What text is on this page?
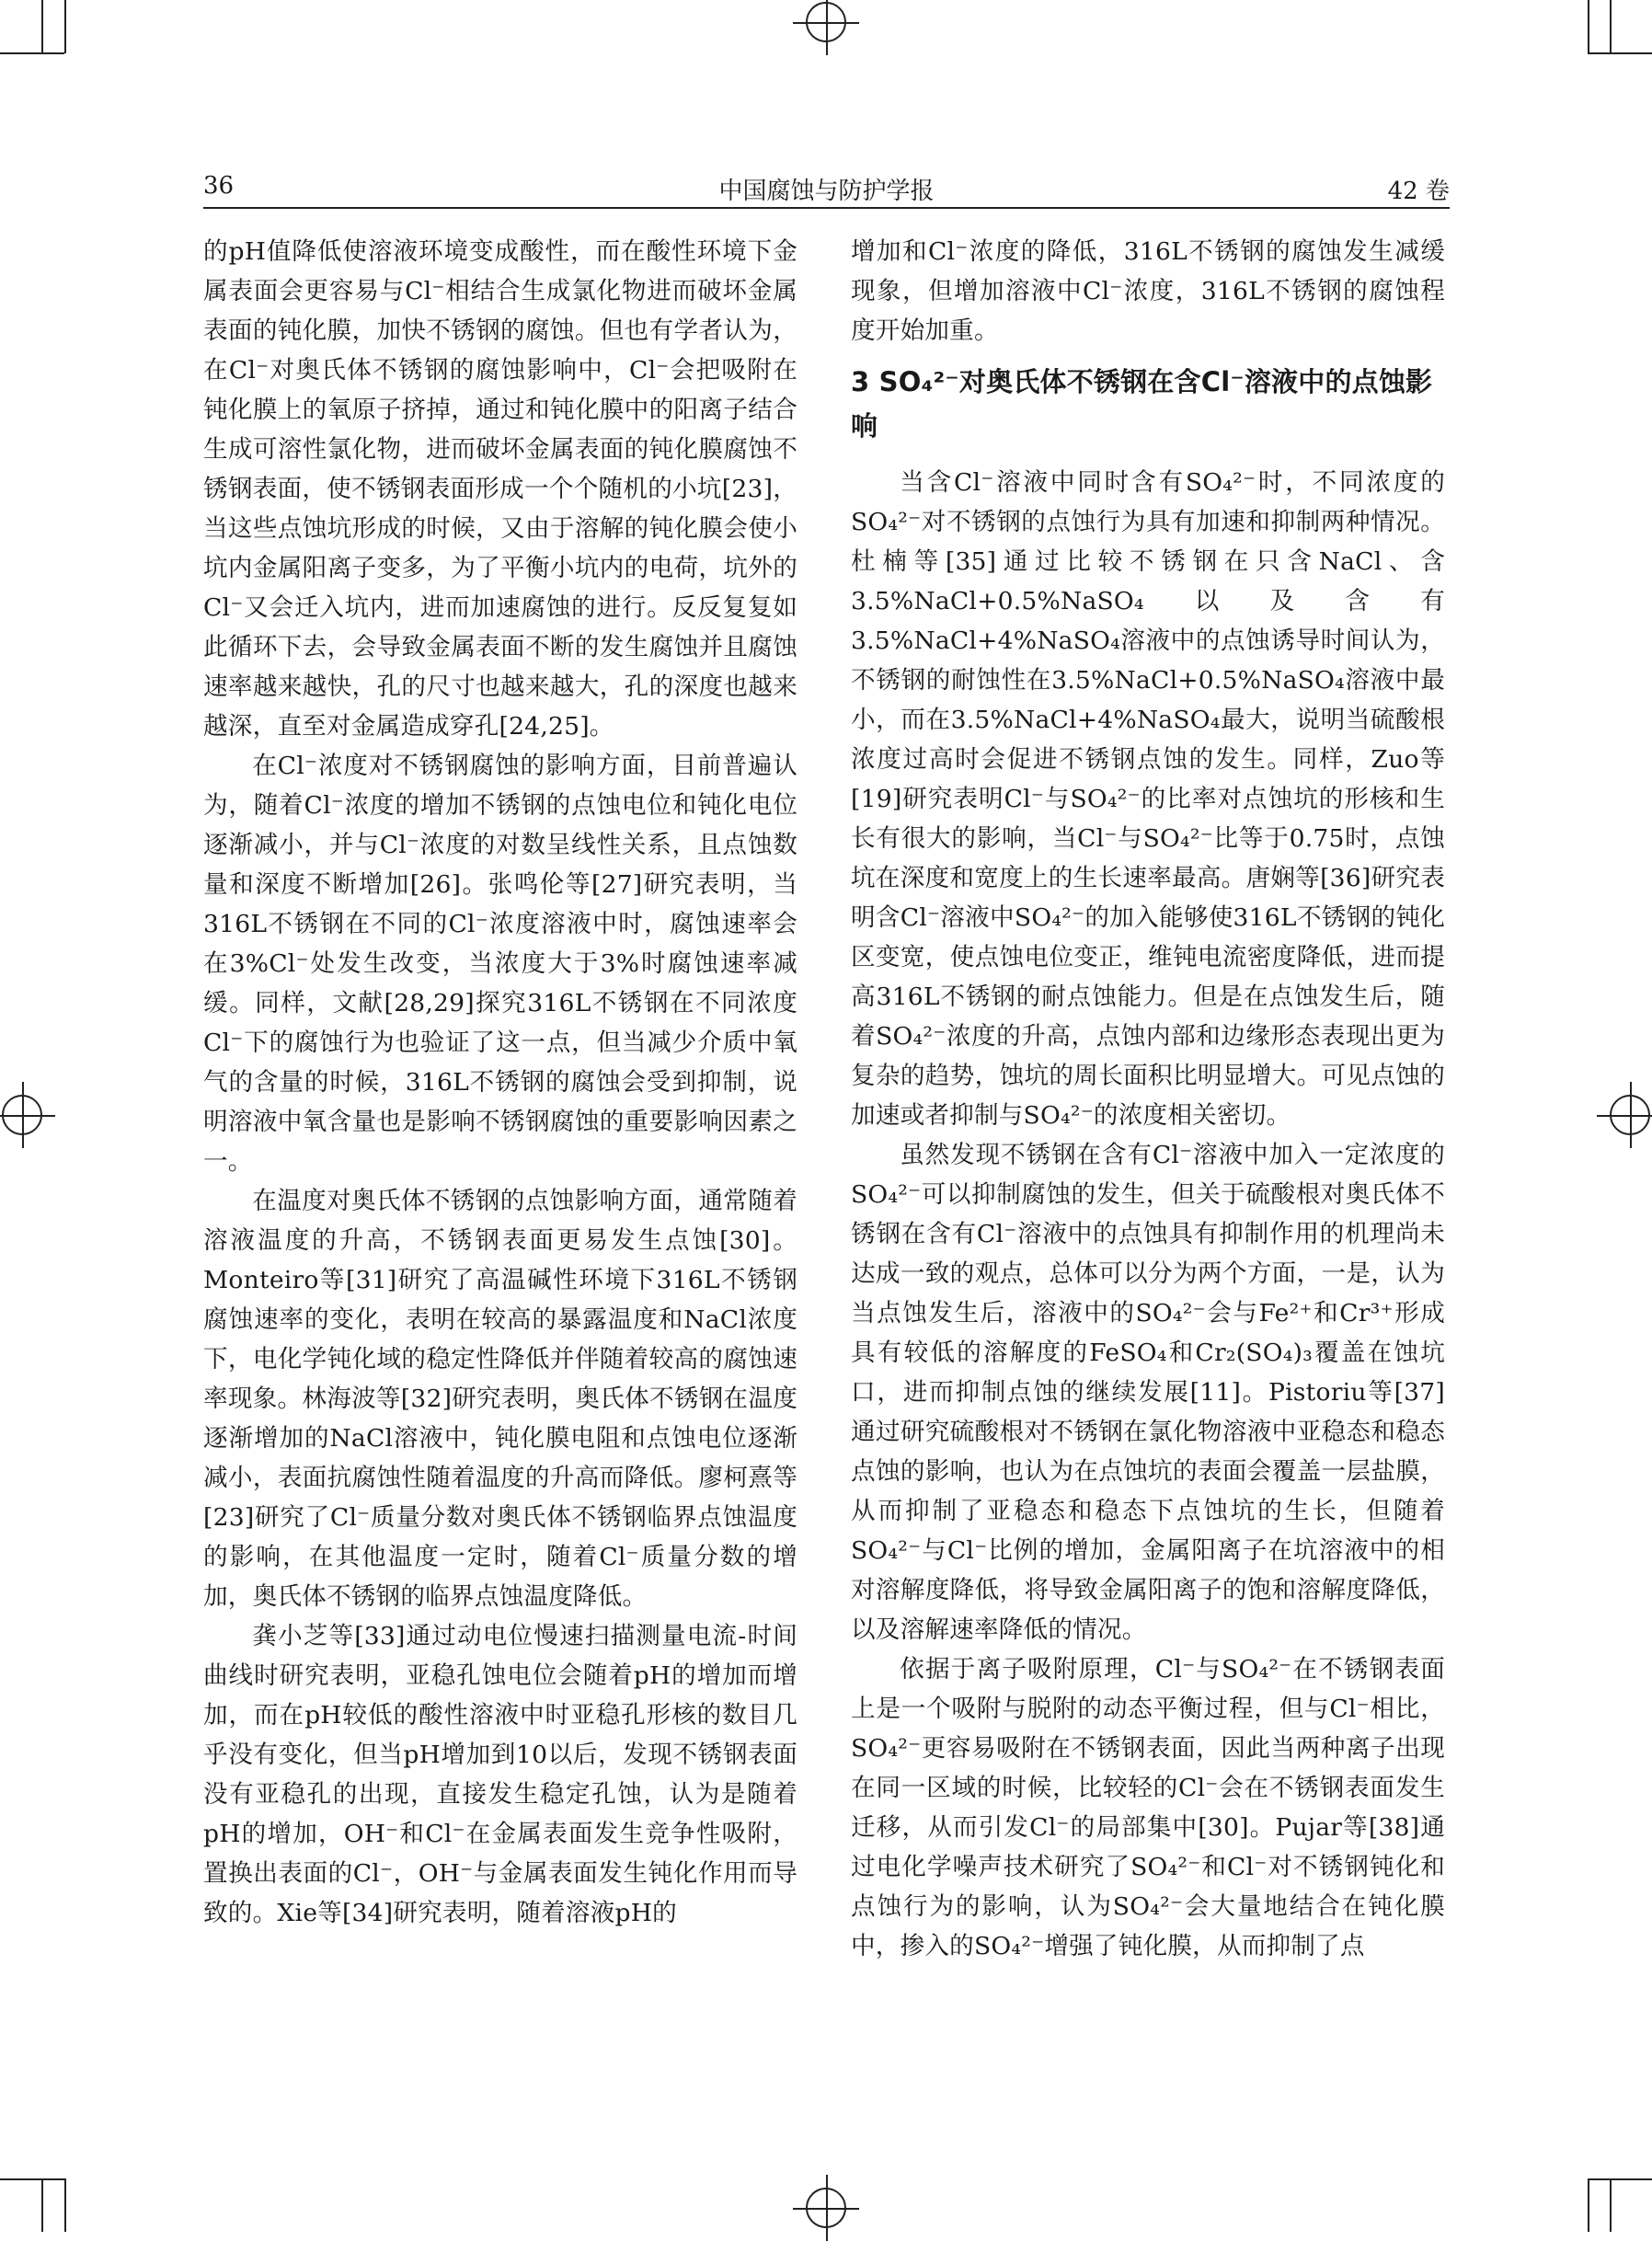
36	中国腐蚀与防护学报	42 卷

的pH值降低使溶液环境变成酸性，而在酸性环境下金属表面会更容易与Cl⁻相结合生成氯化物进而破坏金属表面的钝化膜，加快不锈钢的腐蚀。但也有学者认为，在Cl⁻对奥氏体不锈钢的腐蚀影响中，Cl⁻会把吸附在钝化膜上的氧原子挤掉，通过和钝化膜中的阳离子结合生成可溶性氯化物，进而破坏金属表面的钝化膜腐蚀不锈钢表面，使不锈钢表面形成一个个随机的小坑[23]，当这些点蚀坑形成的时候，又由于溶解的钝化膜会使小坑内金属阳离子变多，为了平衡小坑内的电荷，坑外的Cl⁻又会迁入坑内，进而加速腐蚀的进行。反反复复如此循环下去，会导致金属表面不断的发生腐蚀并且腐蚀速率越来越快，孔的尺寸也越来越大，孔的深度也越来越深，直至对金属造成穿孔[24,25]。

在Cl⁻浓度对不锈钢腐蚀的影响方面，目前普遍认为，随着Cl⁻浓度的增加不锈钢的点蚀电位和钝化电位逐渐减小，并与Cl⁻浓度的对数呈线性关系，且点蚀数量和深度不断增加[26]。张鸣伦等[27]研究表明，当316L不锈钢在不同的Cl⁻浓度溶液中时，腐蚀速率会在3%Cl⁻处发生改变，当浓度大于3%时腐蚀速率减缓。同样，文献[28,29]探究316L不锈钢在不同浓度Cl⁻下的腐蚀行为也验证了这一点，但当减少介质中氧气的含量的时候，316L不锈钢的腐蚀会受到抑制，说明溶液中氧含量也是影响不锈钢腐蚀的重要影响因素之一。

在温度对奥氏体不锈钢的点蚀影响方面，通常随着溶液温度的升高，不锈钢表面更易发生点蚀[30]。Monteiro等[31]研究了高温碱性环境下316L不锈钢腐蚀速率的变化，表明在较高的暴露温度和NaCl浓度下，电化学钝化域的稳定性降低并伴随着较高的腐蚀速率现象。林海波等[32]研究表明，奥氏体不锈钢在温度逐渐增加的NaCl溶液中，钝化膜电阻和点蚀电位逐渐减小，表面抗腐蚀性随着温度的升高而降低。廖柯熹等[23]研究了Cl⁻质量分数对奥氏体不锈钢临界点蚀温度的影响，在其他温度一定时，随着Cl⁻质量分数的增加，奥氏体不锈钢的临界点蚀温度降低。

龚小芝等[33]通过动电位慢速扫描测量电流-时间曲线时研究表明，亚稳孔蚀电位会随着pH的增加而增加，而在pH较低的酸性溶液中时亚稳孔形核的数目几乎没有变化，但当pH增加到10以后，发现不锈钢表面没有亚稳孔的出现，直接发生稳定孔蚀，认为是随着pH的增加，OH⁻和Cl⁻在金属表面发生竞争性吸附，置换出表面的Cl⁻，OH⁻与金属表面发生钝化作用而导致的。Xie等[34]研究表明，随着溶液pH的

增加和Cl⁻浓度的降低，316L不锈钢的腐蚀发生减缓现象，但增加溶液中Cl⁻浓度，316L不锈钢的腐蚀程度开始加重。

3 SO₄²⁻对奥氏体不锈钢在含Cl⁻溶液中的点蚀影响

当含Cl⁻溶液中同时含有SO₄²⁻时，不同浓度的SO₄²⁻对不锈钢的点蚀行为具有加速和抑制两种情况。杜楠等[35]通过比较不锈钢在只含NaCl、含3.5%NaCl+0.5%NaSO₄以及含有3.5%NaCl+4%NaSO₄溶液中的点蚀诱导时间认为，不锈钢的耐蚀性在3.5%NaCl+0.5%NaSO₄溶液中最小，而在3.5%NaCl+4%NaSO₄最大，说明当硫酸根浓度过高时会促进不锈钢点蚀的发生。同样，Zuo等[19]研究表明Cl⁻与SO₄²⁻的比率对点蚀坑的形核和生长有很大的影响，当Cl⁻与SO₄²⁻比等于0.75时，点蚀坑在深度和宽度上的生长速率最高。唐娴等[36]研究表明含Cl⁻溶液中SO₄²⁻的加入能够使316L不锈钢的钝化区变宽，使点蚀电位变正，维钝电流密度降低，进而提高316L不锈钢的耐点蚀能力。但是在点蚀发生后，随着SO₄²⁻浓度的升高，点蚀内部和边缘形态表现出更为复杂的趋势，蚀坑的周长面积比明显增大。可见点蚀的加速或者抑制与SO₄²⁻的浓度相关密切。

虽然发现不锈钢在含有Cl⁻溶液中加入一定浓度的SO₄²⁻可以抑制腐蚀的发生，但关于硫酸根对奥氏体不锈钢在含有Cl⁻溶液中的点蚀具有抑制作用的机理尚未达成一致的观点，总体可以分为两个方面，一是，认为当点蚀发生后，溶液中的SO₄²⁻会与Fe²⁺和Cr³⁺形成具有较低的溶解度的FeSO₄和Cr₂(SO₄)₃覆盖在蚀坑口，进而抑制点蚀的继续发展[11]。Pistoriu等[37]通过研究硫酸根对不锈钢在氯化物溶液中亚稳态和稳态点蚀的影响，也认为在点蚀坑的表面会覆盖一层盐膜，从而抑制了亚稳态和稳态下点蚀坑的生长，但随着SO₄²⁻与Cl⁻比例的增加，金属阳离子在坑溶液中的相对溶解度降低，将导致金属阳离子的饱和溶解度降低，以及溶解速率降低的情况。

依据于离子吸附原理，Cl⁻与SO₄²⁻在不锈钢表面上是一个吸附与脱附的动态平衡过程，但与Cl⁻相比，SO₄²⁻更容易吸附在不锈钢表面，因此当两种离子出现在同一区域的时候，比较轻的Cl⁻会在不锈钢表面发生迁移，从而引发Cl⁻的局部集中[30]。Pujar等[38]通过电化学噪声技术研究了SO₄²⁻和Cl⁻对不锈钢钝化和点蚀行为的影响，认为SO₄²⁻会大量地结合在钝化膜中，掺入的SO₄²⁻增强了钝化膜，从而抑制了点
